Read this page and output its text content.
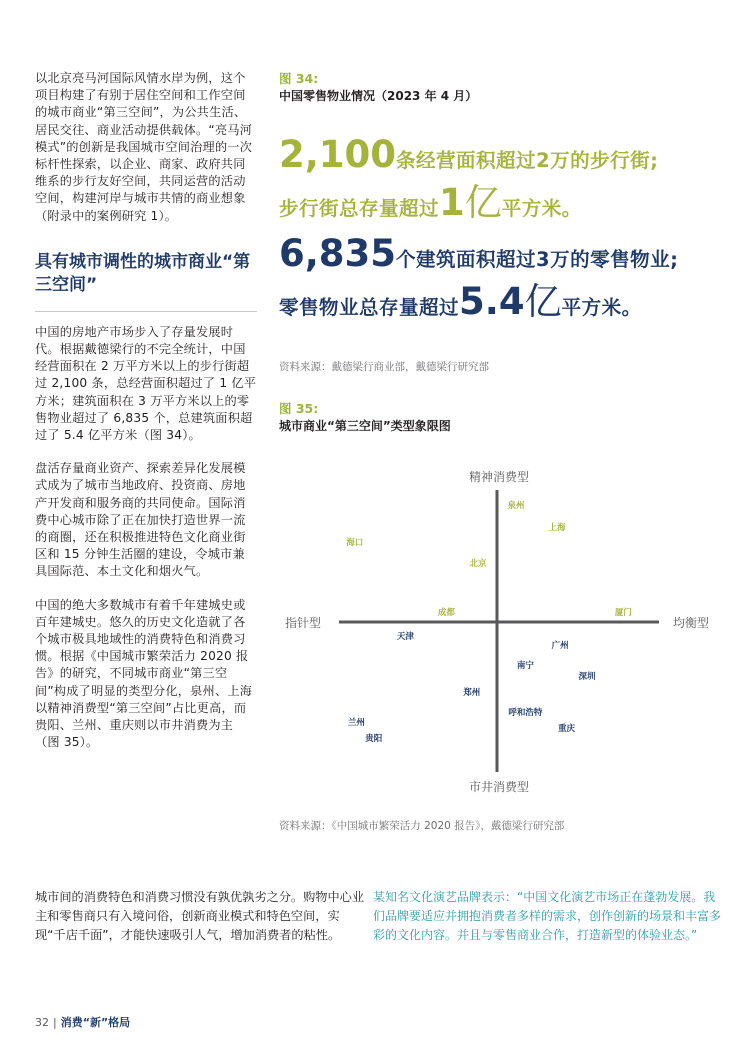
以北京亮马河国际风情水岸为例，这个项目构建了有别于居住空间和工作空间的城市商业“第三空间”，为公共生活、居民交往、商业活动提供载体。“亮马河模式”的创新是我国城市空间治理的一次标杆性探索，以企业、商家、政府共同维系的步行友好空间，共同运营的活动空间，构建河岸与城市共情的商业想象（附录中的案例研究 1）。

具有城市调性的城市商业“第三空间”

中国的房地产市场步入了存量发展时代。根据戴德梁行的不完全统计，中国经营面积在 2 万平方米以上的步行街超过 2,100 条，总经营面积超过了 1 亿平方米；建筑面积在 3 万平方米以上的零售物业超过了 6,835 个，总建筑面积超过了 5.4 亿平方米（图 34）。

盘活存量商业资产、探索差异化发展模式成为了城市当地政府、投资商、房地产开发商和服务商的共同使命。国际消费中心城市除了正在加快打造世界一流的商圈，还在积极推进特色文化商业街区和 15 分钟生活圈的建设，令城市兼具国际范、本土文化和烟火气。

中国的绝大多数城市有着千年建城史或百年建城史。悠久的历史文化造就了各个城市极具地域性的消费特色和消费习惯。根据《中国城市繁荣活力 2020 报告》的研究，不同城市商业“第三空间”构成了明显的类型分化，泉州、上海以精神消费型“第三空间”占比更高，而贵阳、兰州、重庆则以市井消费为主（图 35）。

图 34:
中国零售物业情况（2023 年 4 月）
2,100条经营面积超过2万的步行街;
步行街总存量超过1亿平方米。
6,835个建筑面积超过3万的零售物业;
零售物业总存量超过5.4亿平方米。
资料来源：戴德梁行商业部，戴德梁行研究部
图 35:
城市商业“第三空间”类型象限图
精神消费型
市井消费型
指针型	均衡型
泉州
上海
海口
北京
成都	厦门
天津
广州
南宁
深圳
郑州
呼和浩特
兰州
重庆
贵阳
资料来源：《中国城市繁荣活力 2020 报告》，戴德梁行研究部

城市间的消费特色和消费习惯没有孰优孰劣之分。购物中心业主和零售商只有入境问俗，创新商业模式和特色空间，实现“千店千面”，才能快速吸引人气，增加消费者的粘性。

某知名文化演艺品牌表示：“中国文化演艺市场正在蓬勃发展。我们品牌要适应并拥抱消费者多样的需求，创作创新的场景和丰富多彩的文化内容。并且与零售商业合作，打造新型的体验业态。”

32 | 消费“新”格局
